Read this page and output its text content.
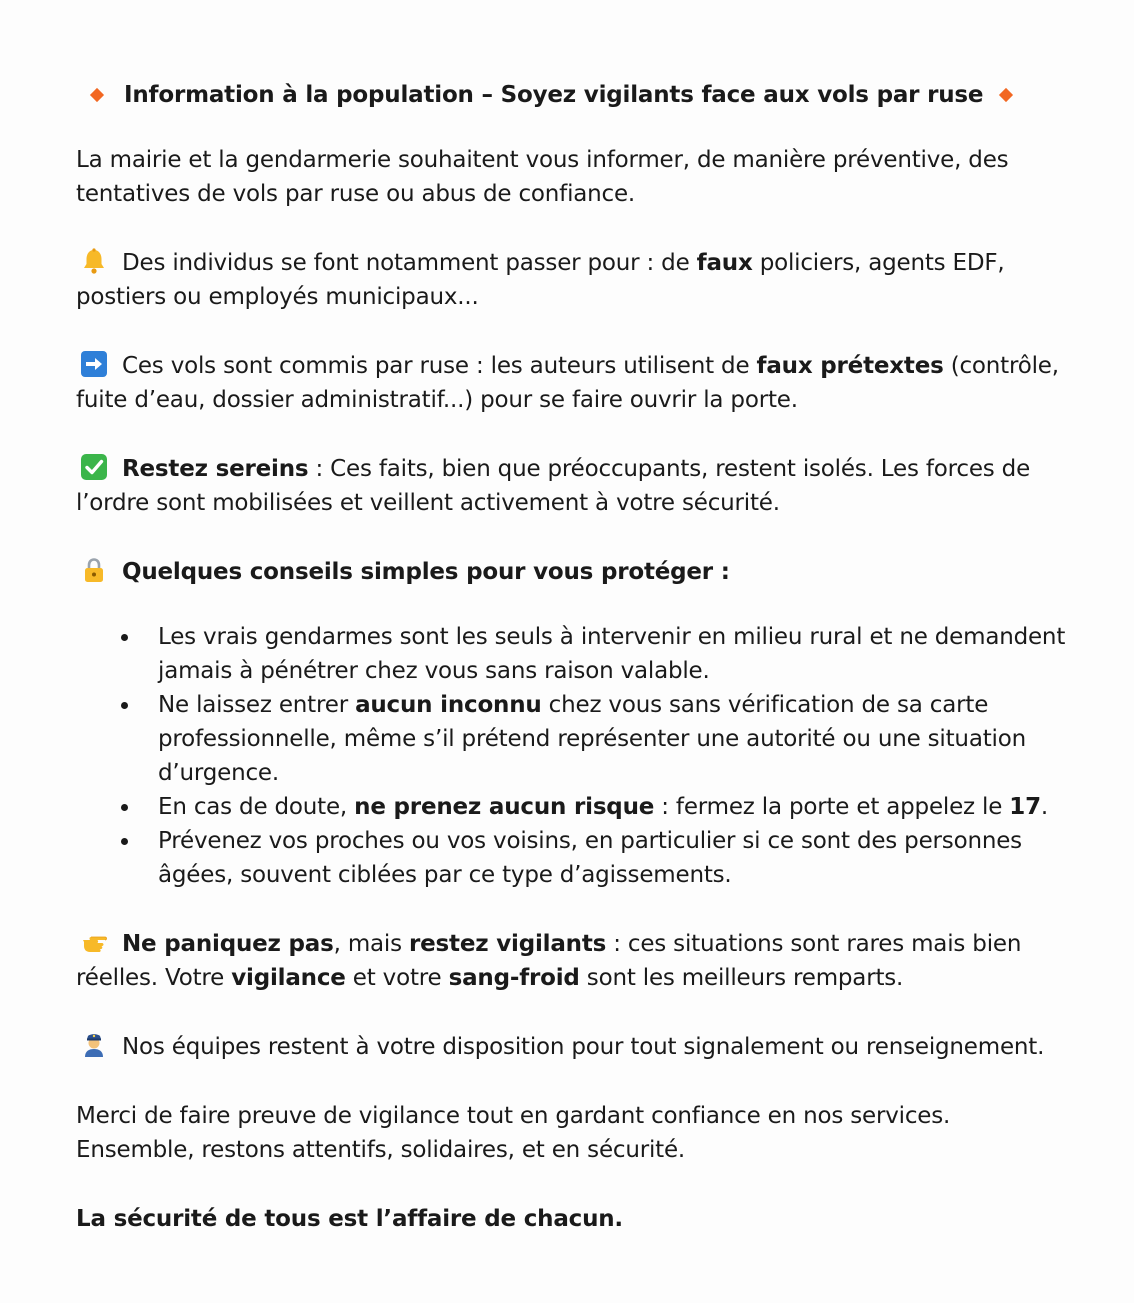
Information à la population – Soyez vigilants face aux vols par ruse

La mairie et la gendarmerie souhaitent vous informer, de manière préventive, des tentatives de vols par ruse ou abus de confiance.

Des individus se font notamment passer pour : de faux policiers, agents EDF, postiers ou employés municipaux...

Ces vols sont commis par ruse : les auteurs utilisent de faux prétextes (contrôle, fuite d’eau, dossier administratif...) pour se faire ouvrir la porte.

Restez sereins : Ces faits, bien que préoccupants, restent isolés. Les forces de l’ordre sont mobilisées et veillent activement à votre sécurité.

Quelques conseils simples pour vous protéger :

Les vrais gendarmes sont les seuls à intervenir en milieu rural et ne demandent jamais à pénétrer chez vous sans raison valable.
Ne laissez entrer aucun inconnu chez vous sans vérification de sa carte professionnelle, même s’il prétend représenter une autorité ou une situation d’urgence.
En cas de doute, ne prenez aucun risque : fermez la porte et appelez le 17.
Prévenez vos proches ou vos voisins, en particulier si ce sont des personnes âgées, souvent ciblées par ce type d’agissements.

Ne paniquez pas, mais restez vigilants : ces situations sont rares mais bien réelles. Votre vigilance et votre sang-froid sont les meilleurs remparts.

Nos équipes restent à votre disposition pour tout signalement ou renseignement.

Merci de faire preuve de vigilance tout en gardant confiance en nos services.

Ensemble, restons attentifs, solidaires, et en sécurité.

La sécurité de tous est l’affaire de chacun.
